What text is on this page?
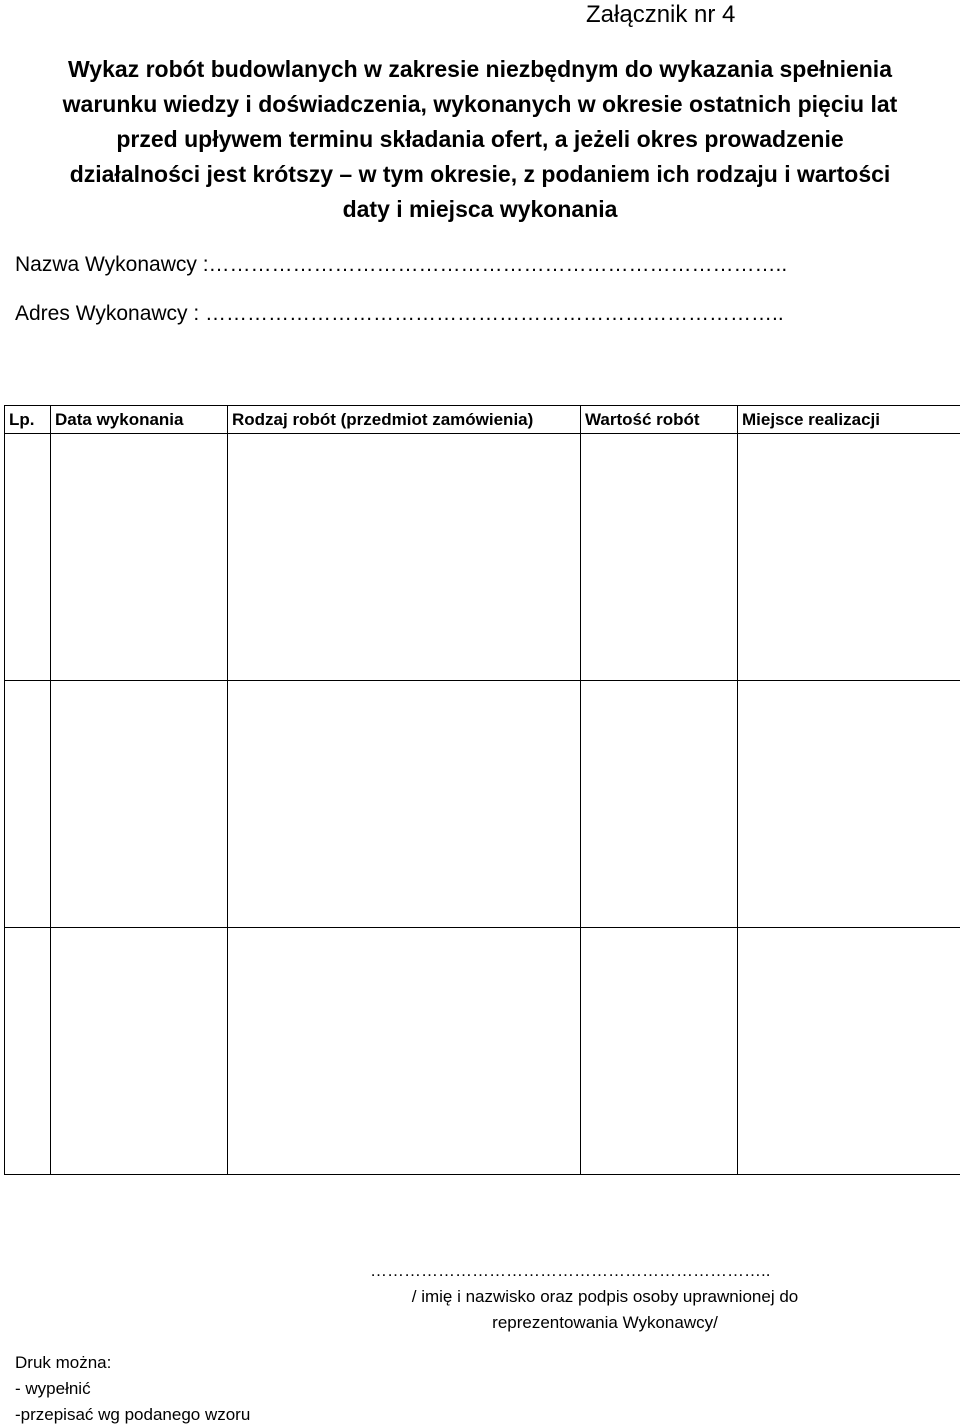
Załącznik nr 4
Wykaz robót budowlanych w zakresie niezbędnym do wykazania spełnienia
warunku wiedzy i doświadczenia, wykonanych w okresie ostatnich pięciu lat
przed upływem terminu składania ofert, a jeżeli okres prowadzenie
działalności jest krótszy – w tym okresie, z podaniem ich rodzaju i wartości
daty i miejsca wykonania
Nazwa Wykonawcy :………………………………………………………………………..
Adres Wykonawcy : ………………………………………………………………………..
Lp.	Data wykonania	Rodzaj robót (przedmiot zamówienia)	Wartość robót	Miejsce realizacji

……………………………………………………………..
/ imię i nazwisko oraz podpis osoby uprawnionej do
reprezentowania Wykonawcy/
Druk można:
- wypełnić
-przepisać wg podanego wzoru
